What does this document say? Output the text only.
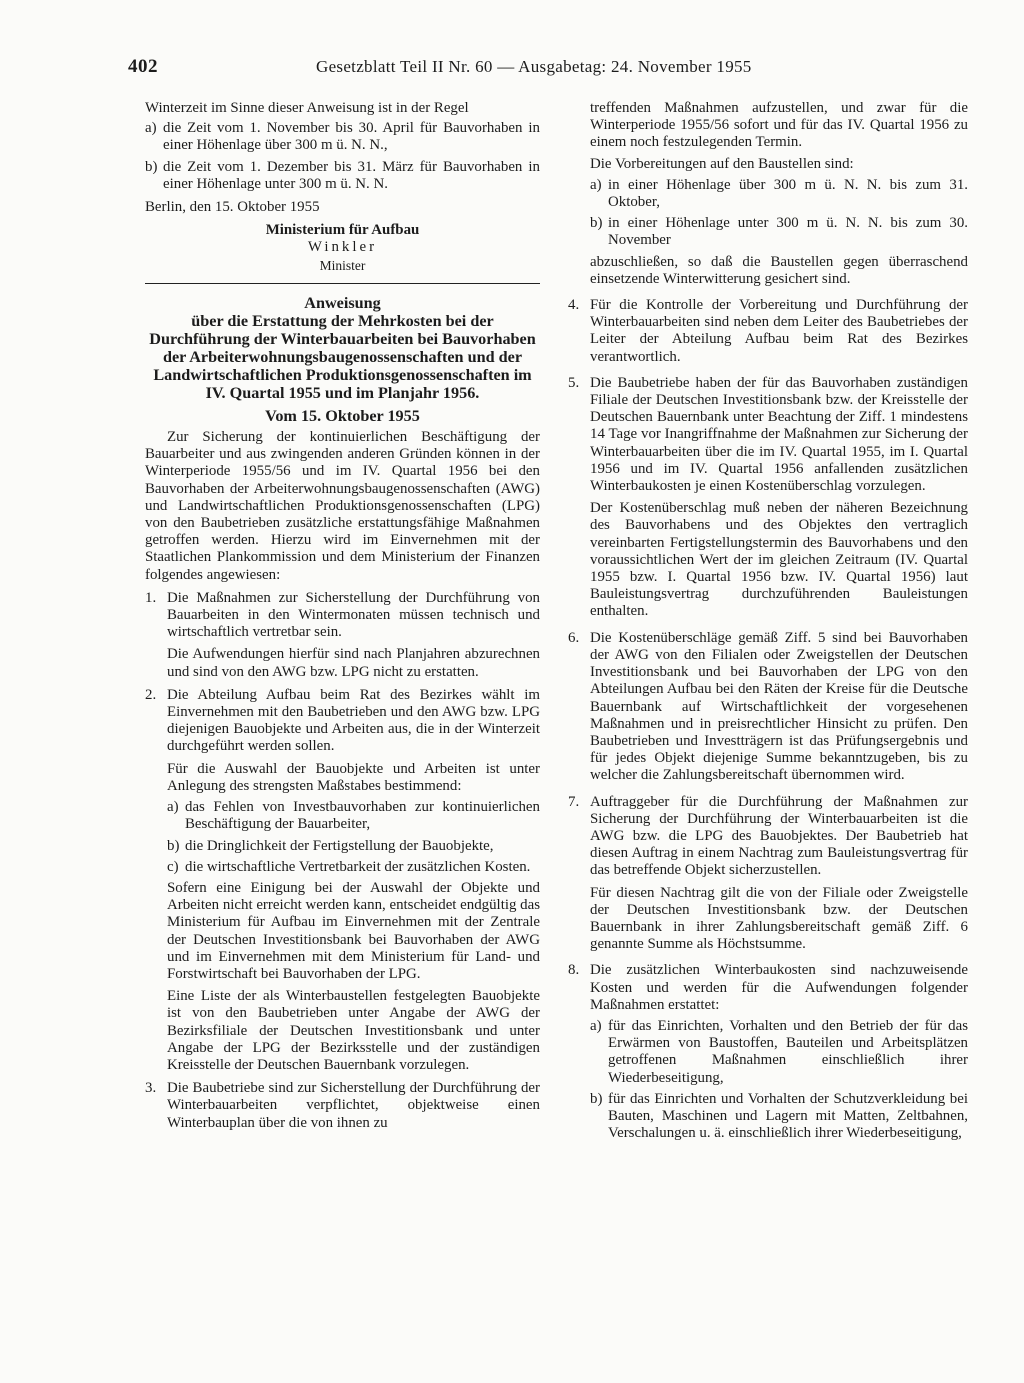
402	Gesetzblatt Teil II Nr. 60 — Ausgabetag: 24. November 1955

Winterzeit im Sinne dieser Anweisung ist in der Regel

a) die Zeit vom 1. November bis 30. April für Bauvorhaben in einer Höhenlage über 300 m ü. N. N.,
b) die Zeit vom 1. Dezember bis 31. März für Bauvorhaben in einer Höhenlage unter 300 m ü. N. N.

Berlin, den 15. Oktober 1955

Ministerium für Aufbau

Winkler

Minister

Anweisung

über die Erstattung der Mehrkosten bei der Durchführung der Winterbauarbeiten bei Bauvorhaben der Arbeiterwohnungsbaugenossenschaften und der Landwirtschaftlichen Produktionsgenossenschaften im IV. Quartal 1955 und im Planjahr 1956.

Vom 15. Oktober 1955

Zur Sicherung der kontinuierlichen Beschäftigung der Bauarbeiter und aus zwingenden anderen Gründen können in der Winterperiode 1955/56 und im IV. Quartal 1956 bei den Bauvorhaben der Arbeiterwohnungsbaugenossenschaften (AWG) und Landwirtschaftlichen Produktionsgenossenschaften (LPG) von den Baubetrieben zusätzliche erstattungsfähige Maßnahmen getroffen werden. Hierzu wird im Einvernehmen mit der Staatlichen Plankommission und dem Ministerium der Finanzen folgendes angewiesen:

1. Die Maßnahmen zur Sicherstellung der Durchführung von Bauarbeiten in den Wintermonaten müssen technisch und wirtschaftlich vertretbar sein.

Die Aufwendungen hierfür sind nach Planjahren abzurechnen und sind von den AWG bzw. LPG nicht zu erstatten.

2. Die Abteilung Aufbau beim Rat des Bezirkes wählt im Einvernehmen mit den Baubetrieben und den AWG bzw. LPG diejenigen Bauobjekte und Arbeiten aus, die in der Winterzeit durchgeführt werden sollen.

Für die Auswahl der Bauobjekte und Arbeiten ist unter Anlegung des strengsten Maßstabes bestimmend:

a) das Fehlen von Investbauvorhaben zur kontinuierlichen Beschäftigung der Bauarbeiter,
b) die Dringlichkeit der Fertigstellung der Bauobjekte,
c) die wirtschaftliche Vertretbarkeit der zusätzlichen Kosten.

Sofern eine Einigung bei der Auswahl der Objekte und Arbeiten nicht erreicht werden kann, entscheidet endgültig das Ministerium für Aufbau im Einvernehmen mit der Zentrale der Deutschen Investitionsbank bei Bauvorhaben der AWG und im Einvernehmen mit dem Ministerium für Land- und Forstwirtschaft bei Bauvorhaben der LPG.

Eine Liste der als Winterbaustellen festgelegten Bauobjekte ist von den Baubetrieben unter Angabe der AWG der Bezirksfiliale der Deutschen Investitionsbank und unter Angabe der LPG der Bezirksstelle und der zuständigen Kreisstelle der Deutschen Bauernbank vorzulegen.

3. Die Baubetriebe sind zur Sicherstellung der Durchführung der Winterbauarbeiten verpflichtet, objektweise einen Winterbauplan über die von ihnen zu

treffenden Maßnahmen aufzustellen, und zwar für die Winterperiode 1955/56 sofort und für das IV. Quartal 1956 zu einem noch festzulegenden Termin.

Die Vorbereitungen auf den Baustellen sind:

a) in einer Höhenlage über 300 m ü. N. N. bis zum 31. Oktober,
b) in einer Höhenlage unter 300 m ü. N. N. bis zum 30. November

abzuschließen, so daß die Baustellen gegen überraschend einsetzende Winterwitterung gesichert sind.

4. Für die Kontrolle der Vorbereitung und Durchführung der Winterbauarbeiten sind neben dem Leiter des Baubetriebes der Leiter der Abteilung Aufbau beim Rat des Bezirkes verantwortlich.

5. Die Baubetriebe haben der für das Bauvorhaben zuständigen Filiale der Deutschen Investitionsbank bzw. der Kreisstelle der Deutschen Bauernbank unter Beachtung der Ziff. 1 mindestens 14 Tage vor Inangriffnahme der Maßnahmen zur Sicherung der Winterbauarbeiten über die im IV. Quartal 1955, im I. Quartal 1956 und im IV. Quartal 1956 anfallenden zusätzlichen Winterbaukosten je einen Kostenüberschlag vorzulegen.

Der Kostenüberschlag muß neben der näheren Bezeichnung des Bauvorhabens und des Objektes den vertraglich vereinbarten Fertigstellungstermin des Bauvorhabens und den voraussichtlichen Wert der im gleichen Zeitraum (IV. Quartal 1955 bzw. I. Quartal 1956 bzw. IV. Quartal 1956) laut Bauleistungsvertrag durchzuführenden Bauleistungen enthalten.

6. Die Kostenüberschläge gemäß Ziff. 5 sind bei Bauvorhaben der AWG von den Filialen oder Zweigstellen der Deutschen Investitionsbank und bei Bauvorhaben der LPG von den Abteilungen Aufbau bei den Räten der Kreise für die Deutsche Bauernbank auf Wirtschaftlichkeit der vorgesehenen Maßnahmen und in preisrechtlicher Hinsicht zu prüfen. Den Baubetrieben und Investträgern ist das Prüfungsergebnis und für jedes Objekt diejenige Summe bekanntzugeben, bis zu welcher die Zahlungsbereitschaft übernommen wird.

7. Auftraggeber für die Durchführung der Maßnahmen zur Sicherung der Durchführung der Winterbauarbeiten ist die AWG bzw. die LPG des Bauobjektes. Der Baubetrieb hat diesen Auftrag in einem Nachtrag zum Bauleistungsvertrag für das betreffende Objekt sicherzustellen.

Für diesen Nachtrag gilt die von der Filiale oder Zweigstelle der Deutschen Investitionsbank bzw. der Deutschen Bauernbank in ihrer Zahlungsbereitschaft gemäß Ziff. 6 genannte Summe als Höchstsumme.

8. Die zusätzlichen Winterbaukosten sind nachzuweisende Kosten und werden für die Aufwendungen folgender Maßnahmen erstattet:

a) für das Einrichten, Vorhalten und den Betrieb der für das Erwärmen von Baustoffen, Bauteilen und Arbeitsplätzen getroffenen Maßnahmen einschließlich ihrer Wiederbeseitigung,
b) für das Einrichten und Vorhalten der Schutzverkleidung bei Bauten, Maschinen und Lagern mit Matten, Zeltbahnen, Verschalungen u. ä. einschließlich ihrer Wiederbeseitigung,
